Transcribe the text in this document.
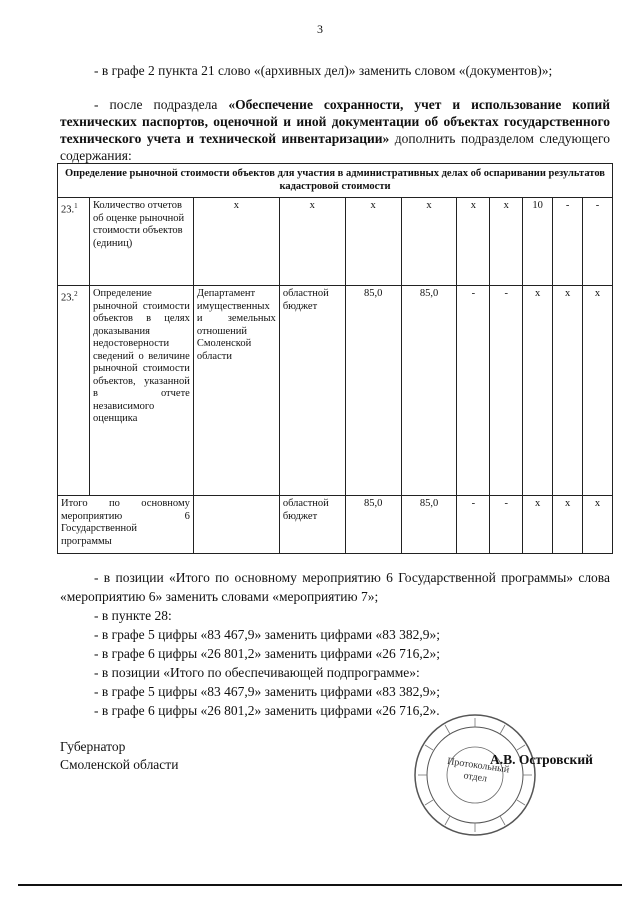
3
- в графе 2 пункта 21 слово «(архивных дел)» заменить словом «(документов)»;
- после подраздела «Обеспечение сохранности, учет и использование копий технических паспортов, оценочной и иной документации об объектах государственного технического учета и технической инвентаризации» дополнить подразделом следующего содержания:
Определение рыночной стоимости объектов для участия в административных делах об оспаривании результатов кадастровой стоимости										
23.$^1$	Количество отчетов об оценке рыночной стоимости объектов (единиц)	х	х	х	х	х	х	10	-	-
23.$^2$	Определение рыночной стоимости объектов в целях доказывания недостоверности сведений о величине рыночной стоимости объектов, указанной в отчете независимого оценщика	Департамент имущественных и земельных отношений Смоленской области	областной бюджет	85,0	85,0	-	-	х	х	х
Итого по основному мероприятию 6 Государственной программы			областной бюджет	85,0	85,0	-	-	х	х	х
- в позиции «Итого по основному мероприятию 6 Государственной программы» слова «мероприятию 6» заменить словами «мероприятию 7»;
- в пункте 28:
- в графе 5 цифры «83 467,9» заменить цифрами «83 382,9»;
- в графе 6 цифры «26 801,2» заменить цифрами «26 716,2»;
- в позиции «Итого по обеспечивающей подпрограмме»:
- в графе 5 цифры «83 467,9» заменить цифрами «83 382,9»;
- в графе 6 цифры «26 801,2» заменить цифрами «26 716,2».
Губернатор
Смоленской области	Протокольный отдел
А.В. Островский
